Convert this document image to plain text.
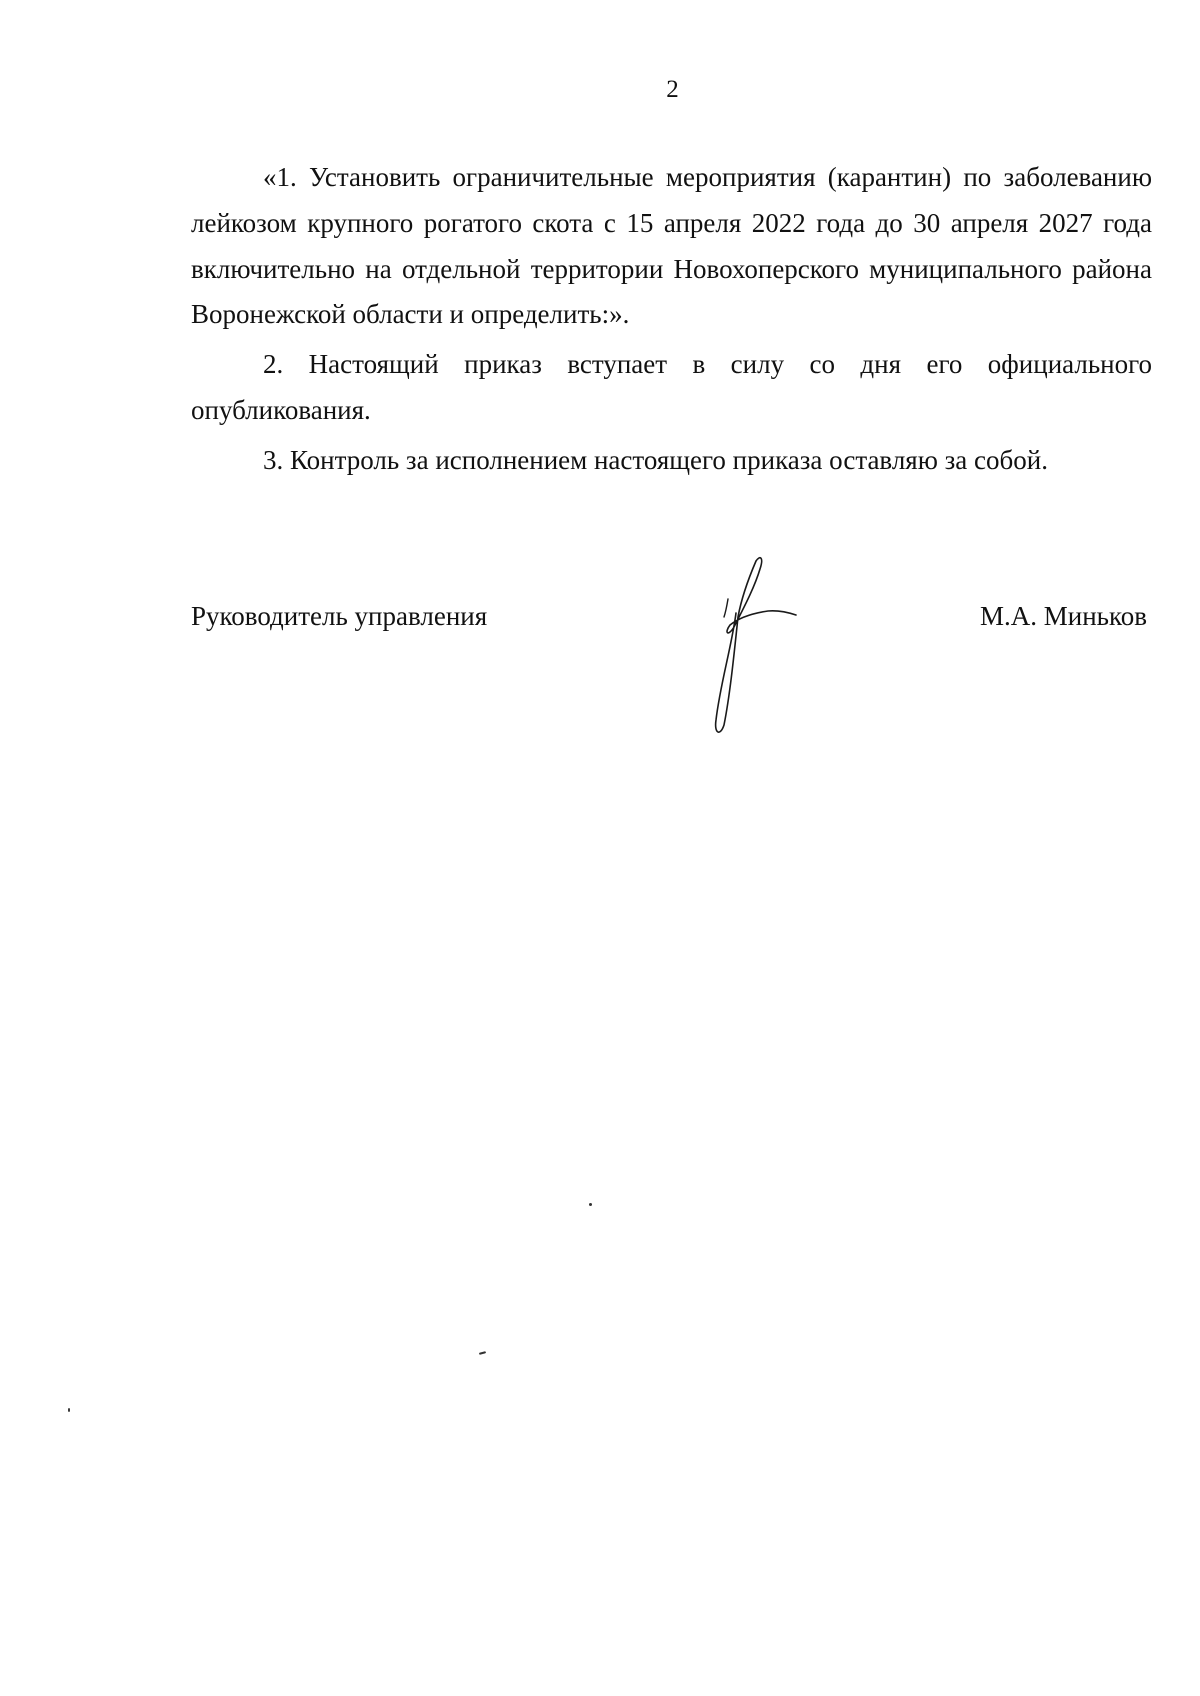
2

«1. Установить ограничительные мероприятия (карантин) по заболеванию лейкозом крупного рогатого скота с 15 апреля 2022 года до 30 апреля 2027 года включительно на отдельной территории Новохоперского муниципального района Воронежской области и определить:».

2. Настоящий приказ вступает в силу со дня его официального опубликования.

3. Контроль за исполнением настоящего приказа оставляю за собой.

Руководитель управления	М.А. Миньков
